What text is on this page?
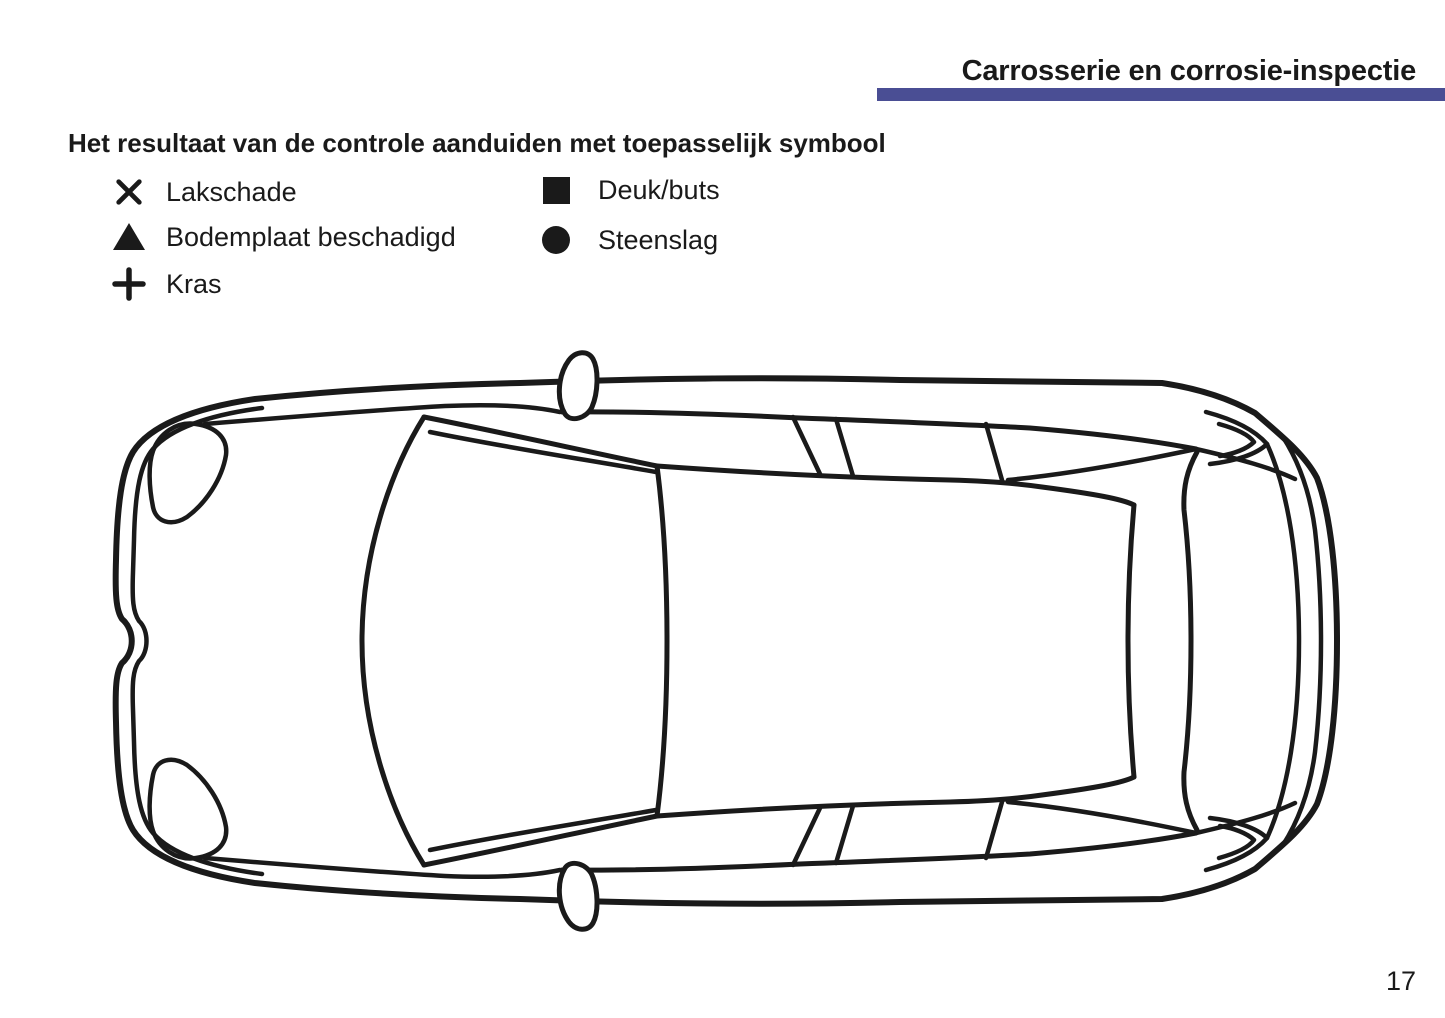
Carrosserie en corrosie-inspectie
Het resultaat van de controle aanduiden met toepasselijk symbool
Lakschade
Bodemplaat beschadigd
Kras
Deuk/buts
Steenslag
17
